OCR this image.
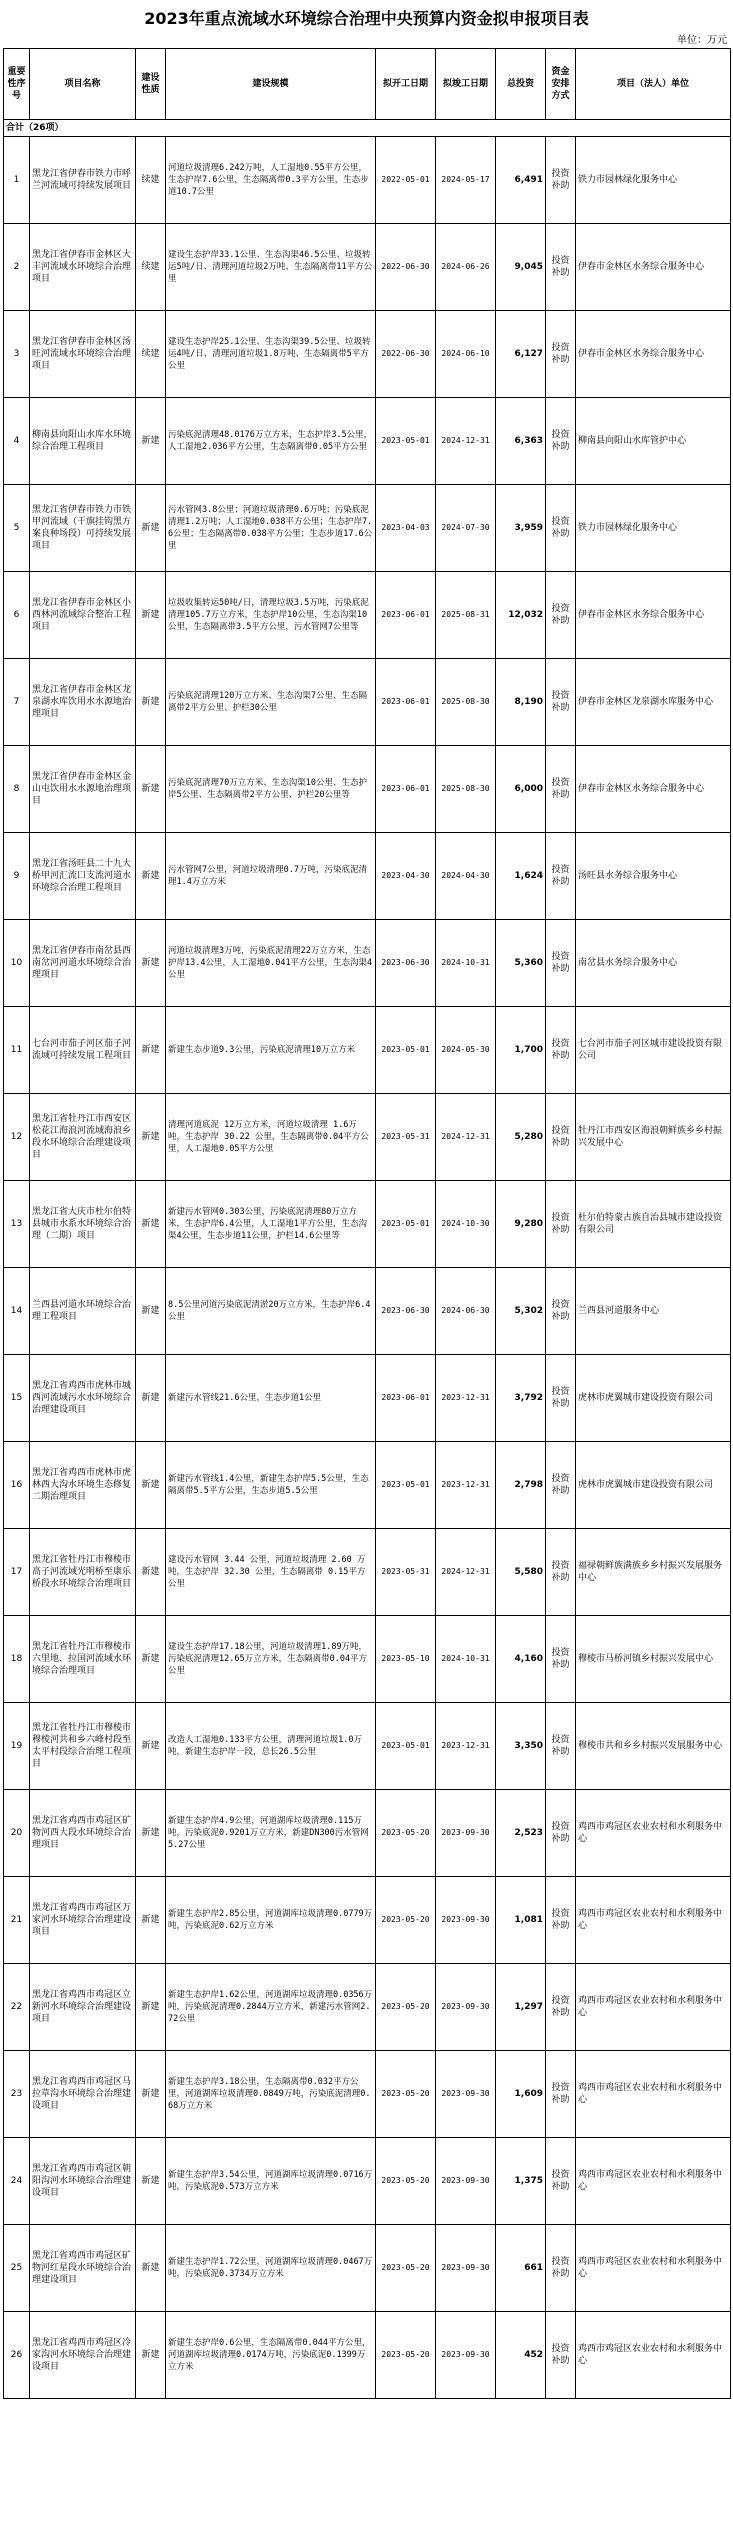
2023年重点流域水环境综合治理中央预算内资金拟申报项目表
单位：万元
重要性序号	项目名称	建设性质	建设规模	拟开工日期	拟竣工日期	总投资	资金安排方式	项目（法人）单位
合计（26项）								
1	黑龙江省伊春市铁力市呼兰河流域可持续发展项目	续建	河道垃圾清理6.242万吨，人工湿地0.55平方公里，生态护岸7.6公里，生态隔离带0.3平方公里，生态步道10.7公里	2022-05-01	2024-05-17	6,491	投资补助	铁力市园林绿化服务中心
2	黑龙江省伊春市金林区大丰河流域水环境综合治理项目	续建	建设生态护岸33.1公里、生态沟渠46.5公里、垃圾转运5吨/日、清理河道垃圾2万吨、生态隔离带11平方公里	2022-06-30	2024-06-26	9,045	投资补助	伊春市金林区水务综合服务中心
3	黑龙江省伊春市金林区汤旺河流域水环境综合治理项目	续建	建设生态护岸25.1公里、生态沟渠39.5公里、垃圾转运4吨/日、清理河道垃圾1.8万吨、生态隔离带5平方公里	2022-06-30	2024-06-10	6,127	投资补助	伊春市金林区水务综合服务中心
4	柳南县向阳山水库水环境综合治理工程项目	新建	污染底泥清理48.0176万立方米，生态护岸3.5公里，人工湿地2.036平方公里，生态隔离带0.05平方公里	2023-05-01	2024-12-31	6,363	投资补助	柳南县向阳山水库管护中心
5	黑龙江省伊春市铁力市铁甲河流域（干旗挂钩黑方案良种场段）可持续发展项目	新建	污水管网3.8公里；河道垃圾清理0.6万吨；污染底泥清理1.2万吨；人工湿地0.038平方公里；生态护岸7.6公里；生态隔离带0.038平方公里；生态步道17.6公里	2023-04-03	2024-07-30	3,959	投资补助	铁力市园林绿化服务中心
6	黑龙江省伊春市金林区小西林河流域综合整治工程项目	新建	垃圾收集转运50吨/日，清理垃圾3.5万吨，污染底泥清理105.7万立方米，生态护岸10公里，生态沟渠10公里，生态隔离带3.5平方公里，污水管网7公里等	2023-06-01	2025-08-31	12,032	投资补助	伊春市金林区水务综合服务中心
7	黑龙江省伊春市金林区龙泉湖水库饮用水水源地治理项目	新建	污染底泥清理120万立方米、生态沟渠7公里、生态隔离带2平方公里、护栏30公里	2023-06-01	2025-08-30	8,190	投资补助	伊春市金林区龙泉湖水库服务中心
8	黑龙江省伊春市金林区金山屯饮用水水源地治理项目	新建	污染底泥清理70万立方米、生态沟渠10公里、生态护岸5公里、生态隔离带2平方公里、护栏20公里等	2023-06-01	2025-08-30	6,000	投资补助	伊春市金林区水务综合服务中心
9	黑龙江省汤旺县二十九大桥甲河汇流口支流河道水环境综合治理工程项目	新建	污水管网7公里，河道垃圾清理0.7万吨，污染底泥清理1.4万立方米	2023-04-30	2024-04-30	1,624	投资补助	汤旺县水务综合服务中心
10	黑龙江省伊春市南岔县西南岔河河道水环境综合治理项目	新建	河道垃圾清理3万吨，污染底泥清理22万立方米，生态护岸13.4公里，人工湿地0.041平方公里，生态沟渠4公里	2023-06-30	2024-10-31	5,360	投资补助	南岔县水务综合服务中心
11	七台河市茄子河区茄子河流域可持续发展工程项目	新建	新建生态步道9.3公里，污染底泥清理10万立方米	2023-05-01	2024-05-30	1,700	投资补助	七台河市茄子河区城市建设投资有限公司
12	黑龙江省牡丹江市西安区松花江海浪河流域海浪乡段水环境综合治理建设项目	新建	清理河道底泥 12万立方米，河道垃圾清理 1.6万吨，生态护岸 30.22 公里，生态隔离带0.04平方公里，人工湿地0.05平方公里	2023-05-31	2024-12-31	5,280	投资补助	牡丹江市西安区海浪朝鲜族乡乡村振兴发展中心
13	黑龙江省大庆市杜尔伯特县城市水系水环境综合治理（二期）项目	新建	新建污水管网0.303公里，污染底泥清理80万立方米，生态护岸6.4公里，人工湿地1平方公里，生态沟渠4公里，生态步道11公里，护栏14.6公里等	2023-05-01	2024-10-30	9,280	投资补助	杜尔伯特蒙古族自治县城市建设投资有限公司
14	兰西县河道水环境综合治理工程项目	新建	8.5公里河道污染底泥清淤20万立方米，生态护岸6.4公里	2023-06-30	2024-06-30	5,302	投资补助	兰西县河道服务中心
15	黑龙江省鸡西市虎林市城西河流域污水水环境综合治理建设项目	新建	新建污水管线21.6公里，生态步道1公里	2023-06-01	2023-12-31	3,792	投资补助	虎林市虎翼城市建设投资有限公司
16	黑龙江省鸡西市虎林市虎林西大沟水环境生态修复二期治理项目	新建	新建污水管线1.4公里，新建生态护岸5.5公里，生态隔离带5.5平方公里，生态步道5.5公里	2023-05-01	2023-12-31	2,798	投资补助	虎林市虎翼城市建设投资有限公司
17	黑龙江省牡丹江市穆棱市高子河流域光明桥至康乐桥段水环境综合治理项目	新建	建设污水管网 3.44 公里，河道垃圾清理 2.60 万吨，生态护岸 32.30 公里，生态隔离带 0.15平方公里	2023-05-31	2024-12-31	5,580	投资补助	福禄朝鲜族满族乡乡村振兴发展服务中心
18	黑龙江省牡丹江市穆棱市六里地、拉国河流域水环境综合治理项目	新建	建设生态护岸17.18公里，河道垃圾清理1.89万吨，污染底泥清理12.65万立方米，生态隔离带0.04平方公里	2023-05-10	2024-10-31	4,160	投资补助	穆棱市马桥河镇乡村振兴发展中心
19	黑龙江省牡丹江市穆棱市穆棱河共和乡六峰村段至太平村段综合治理工程项目	新建	改造人工湿地0.133平方公里，清理河道垃圾1.0万吨，新建生态护岸一段，总长26.5公里	2023-05-01	2023-12-31	3,350	投资补助	穆棱市共和乡乡村振兴发展服务中心
20	黑龙江省鸡西市鸡冠区矿物河西大段水环境综合治理项目	新建	新建生态护岸4.9公里，河道湖库垃圾清理0.115万吨，污染底泥0.9201万立方米，新建DN300污水管网5.27公里	2023-05-20	2023-09-30	2,523	投资补助	鸡西市鸡冠区农业农村和水利服务中心
21	黑龙江省鸡西市鸡冠区万家河水环境综合治理建设项目	新建	新建生态护岸2.85公里，河道湖库垃圾清理0.0779万吨，污染底泥0.62万立方米	2023-05-20	2023-09-30	1,081	投资补助	鸡西市鸡冠区农业农村和水利服务中心
22	黑龙江省鸡西市鸡冠区立新河水环境综合治理建设项目	新建	新建生态护岸1.62公里，河道湖库垃圾清理0.0356万吨，污染底泥清理0.2844万立方米，新建污水管网2.72公里	2023-05-20	2023-09-30	1,297	投资补助	鸡西市鸡冠区农业农村和水利服务中心
23	黑龙江省鸡西市鸡冠区马拉草沟水环境综合治理建设项目	新建	新建生态护岸3.18公里，生态隔离带0.032平方公里，河道湖库垃圾清理0.0849万吨，污染底泥清理0.68万立方米	2023-05-20	2023-09-30	1,609	投资补助	鸡西市鸡冠区农业农村和水利服务中心
24	黑龙江省鸡西市鸡冠区朝阳沟河水环境综合治理建设项目	新建	新建生态护岸3.54公里，河道湖库垃圾清理0.0716万吨，污染底泥0.573万立方米	2023-05-20	2023-09-30	1,375	投资补助	鸡西市鸡冠区农业农村和水利服务中心
25	黑龙江省鸡西市鸡冠区矿物河红星段水环境综合治理建设项目	新建	新建生态护岸1.72公里，河道湖库垃圾清理0.0467万吨，污染底泥0.3734万立方米	2023-05-20	2023-09-30	661	投资补助	鸡西市鸡冠区农业农村和水利服务中心
26	黑龙江省鸡西市鸡冠区冷家沟河水环境综合治理建设项目	新建	新建生态护岸0.6公里，生态隔离带0.044平方公里，河道湖库垃圾清理0.0174万吨，污染底泥0.1399万立方米	2023-05-20	2023-09-30	452	投资补助	鸡西市鸡冠区农业农村和水利服务中心
